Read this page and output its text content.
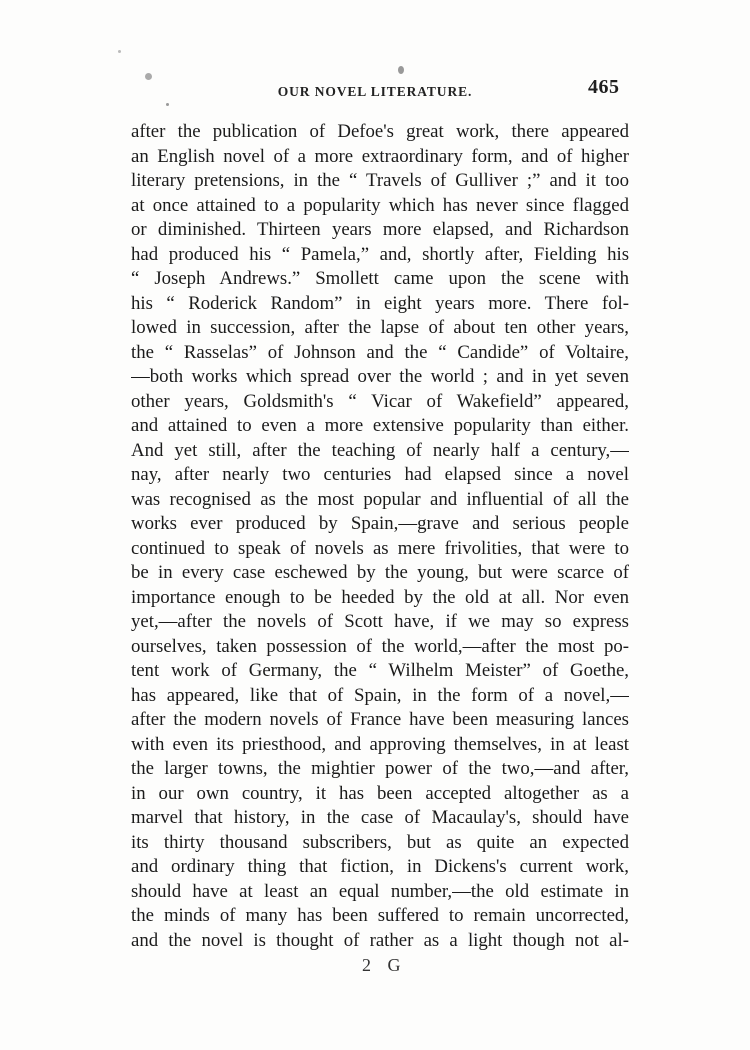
OUR NOVEL LITERATURE.	465
after the publication of Defoe's great work, there appeared
an English novel of a more extraordinary form, and of higher
literary pretensions, in the “ Travels of Gulliver ;” and it too
at once attained to a popularity which has never since flagged
or diminished. Thirteen years more elapsed, and Richardson
had produced his “ Pamela,” and, shortly after, Fielding his
“ Joseph Andrews.” Smollett came upon the scene with
his “ Roderick Random” in eight years more. There fol-
lowed in succession, after the lapse of about ten other years,
the “ Rasselas” of Johnson and the “ Candide” of Voltaire,
—both works which spread over the world ; and in yet seven
other years, Goldsmith's “ Vicar of Wakefield” appeared,
and attained to even a more extensive popularity than either.
And yet still, after the teaching of nearly half a century,—
nay, after nearly two centuries had elapsed since a novel
was recognised as the most popular and influential of all the
works ever produced by Spain,—grave and serious people
continued to speak of novels as mere frivolities, that were to
be in every case eschewed by the young, but were scarce of
importance enough to be heeded by the old at all. Nor even
yet,—after the novels of Scott have, if we may so express
ourselves, taken possession of the world,—after the most po-
tent work of Germany, the “ Wilhelm Meister” of Goethe,
has appeared, like that of Spain, in the form of a novel,—
after the modern novels of France have been measuring lances
with even its priesthood, and approving themselves, in at least
the larger towns, the mightier power of the two,—and after,
in our own country, it has been accepted altogether as a
marvel that history, in the case of Macaulay's, should have
its thirty thousand subscribers, but as quite an expected
and ordinary thing that fiction, in Dickens's current work,
should have at least an equal number,—the old estimate in
the minds of many has been suffered to remain uncorrected,
and the novel is thought of rather as a light though not al-
2 G
